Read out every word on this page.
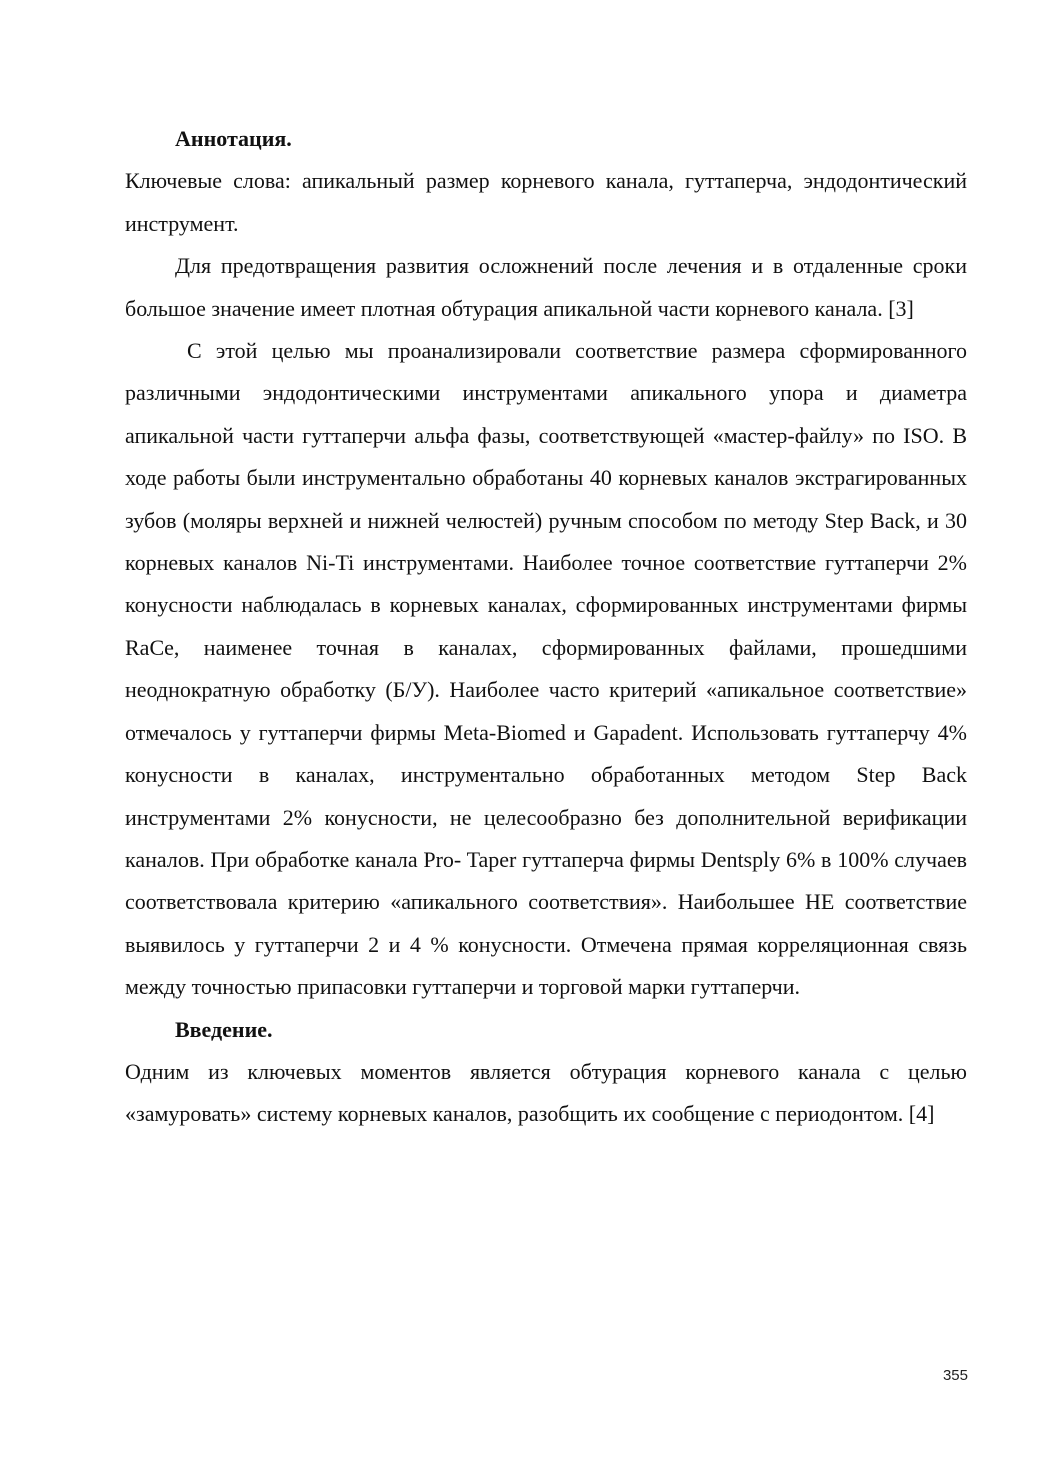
Аннотация.

Ключевые слова: апикальный размер корневого канала, гуттаперча, эндодонтический инструмент.

Для предотвращения развития осложнений после лечения и в отдаленные сроки большое значение имеет плотная обтурация апикальной части корневого канала. [3]

С этой целью мы проанализировали соответствие размера сформированного различными эндодонтическими инструментами апикального упора и диаметра апикальной части гуттаперчи альфа фазы, соответствующей «мастер-файлу» по ISO. В ходе работы были инструментально обработаны 40 корневых каналов экстрагированных зубов (моляры верхней и нижней челюстей) ручным способом по методу Step Back, и 30 корневых каналов Ni-Ti инструментами. Наиболее точное соответствие гуттаперчи 2% конусности наблюдалась в корневых каналах, сформированных инструментами фирмы RaCe, наименее точная в каналах, сформированных файлами, прошедшими неоднократную обработку (Б/У). Наиболее часто критерий «апикальное соответствие» отмечалось у гуттаперчи фирмы Meta-Biomed и Gapadent. Использовать гуттаперчу 4% конусности в каналах, инструментально обработанных методом Step Back инструментами 2% конусности, не целесообразно без дополнительной верификации каналов. При обработке канала Pro- Taper гуттаперча фирмы Dentsply 6% в 100% случаев соответствовала критерию «апикального соответствия». Наибольшее НЕ соответствие выявилось у гуттаперчи 2 и 4 % конусности. Отмечена прямая корреляционная связь между точностью припасовки гуттаперчи и торговой марки гуттаперчи.

Введение.

Одним из ключевых моментов является обтурация корневого канала с целью «замуровать» систему корневых каналов, разобщить их сообщение с периодонтом. [4]

355
